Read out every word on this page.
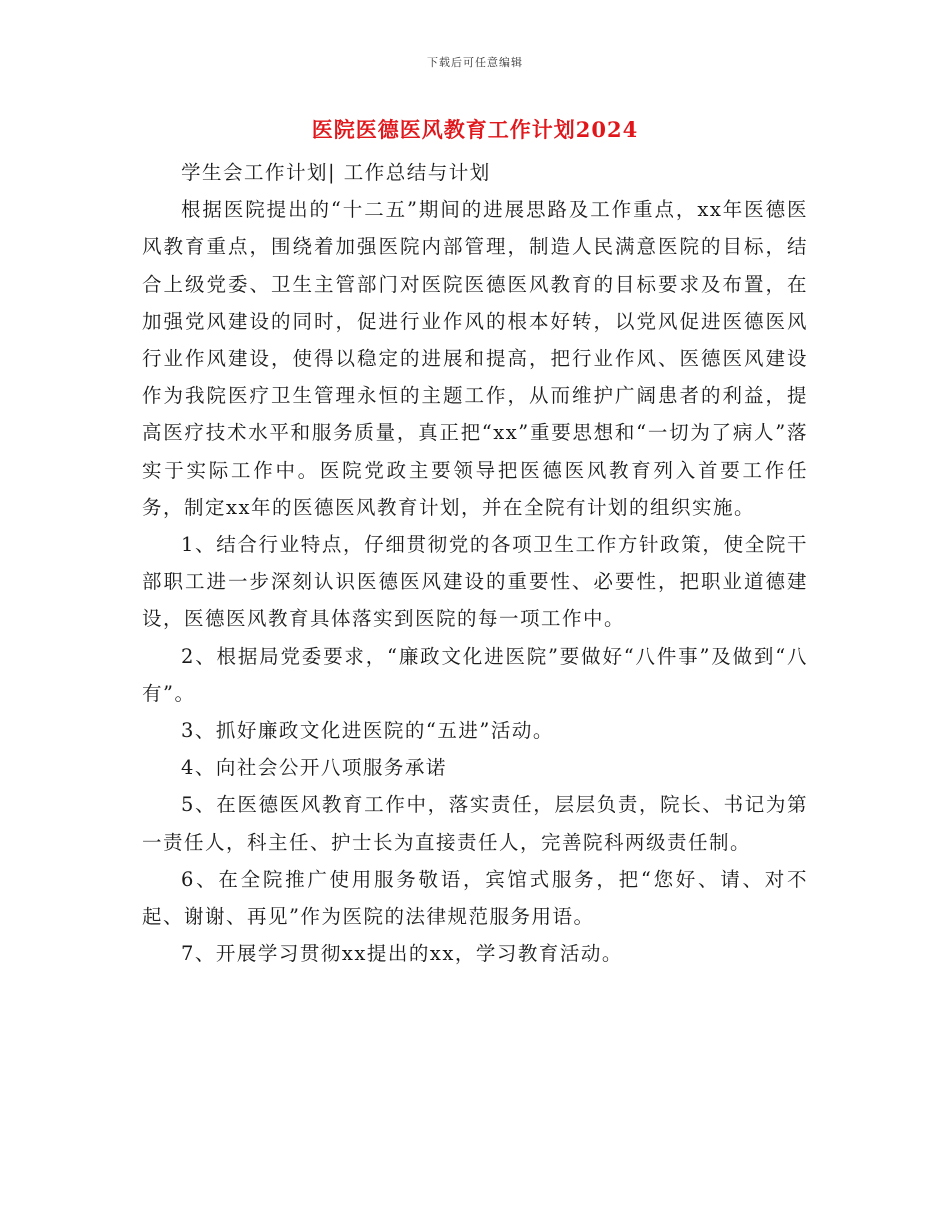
下载后可任意编辑
医院医德医风教育工作计划2024

学生会工作计划| 工作总结与计划

根据医院提出的“十二五”期间的进展思路及工作重点，xx年医德医风教育重点，围绕着加强医院内部管理，制造人民满意医院的目标，结合上级党委、卫生主管部门对医院医德医风教育的目标要求及布置，在加强党风建设的同时，促进行业作风的根本好转，以党风促进医德医风行业作风建设，使得以稳定的进展和提高，把行业作风、医德医风建设作为我院医疗卫生管理永恒的主题工作，从而维护广阔患者的利益，提高医疗技术水平和服务质量，真正把“xx”重要思想和“一切为了病人”落实于实际工作中。医院党政主要领导把医德医风教育列入首要工作任务，制定xx年的医德医风教育计划，并在全院有计划的组织实施。

1、结合行业特点，仔细贯彻党的各项卫生工作方针政策，使全院干部职工进一步深刻认识医德医风建设的重要性、必要性，把职业道德建设，医德医风教育具体落实到医院的每一项工作中。

2、根据局党委要求，“廉政文化进医院”要做好“八件事”及做到“八有”。

3、抓好廉政文化进医院的“五进”活动。

4、向社会公开八项服务承诺

5、在医德医风教育工作中，落实责任，层层负责，院长、书记为第一责任人，科主任、护士长为直接责任人，完善院科两级责任制。

6、在全院推广使用服务敬语，宾馆式服务，把“您好、请、对不起、谢谢、再见”作为医院的法律规范服务用语。

7、开展学习贯彻xx提出的xx，学习教育活动。
